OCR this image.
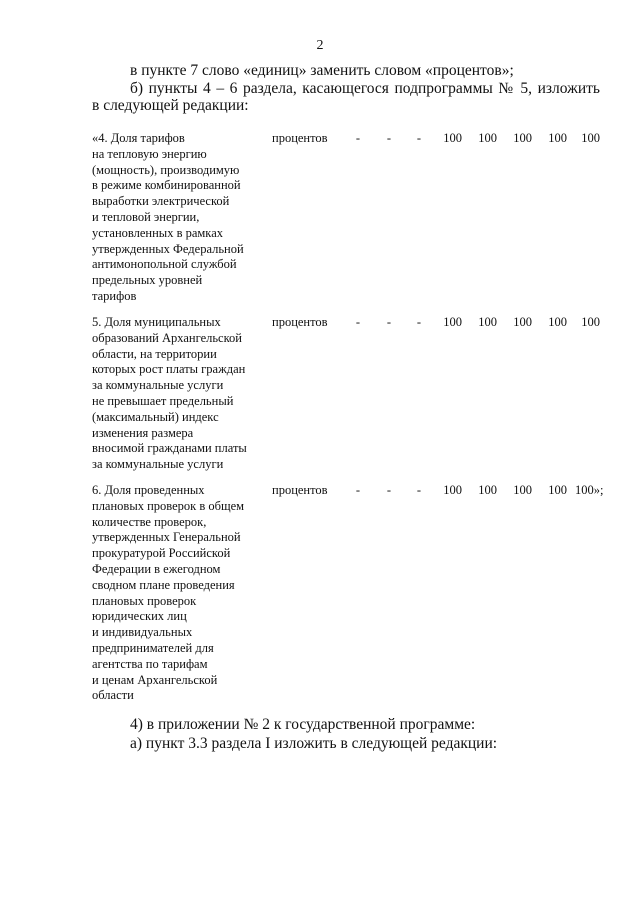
2
в пункте 7 слово «единиц» заменить словом «процентов»;
б) пункты 4 – 6 раздела, касающегося подпрограммы № 5, изложить
в следующей редакции:
«4. Доля тарифов
на тепловую энергию
(мощность), производимую
в режиме комбинированной
выработки электрической
и тепловой энергии,
установленных в рамках
утвержденных Федеральной
антимонопольной службой
предельных уровней
тарифов
процентов	-	-	-	100	100	100	100	100
5. Доля муниципальных
образований Архангельской
области, на территории
которых рост платы граждан
за коммунальные услуги
не превышает предельный
(максимальный) индекс
изменения размера
вносимой гражданами платы
за коммунальные услуги
процентов	-	-	-	100	100	100	100	100
6. Доля проведенных
плановых проверок в общем
количестве проверок,
утвержденных Генеральной
прокуратурой Российской
Федерации в ежегодном
сводном плане проведения
плановых проверок
юридических лиц
и индивидуальных
предпринимателей для
агентства по тарифам
и ценам Архангельской
области
процентов	-	-	-	100	100	100	100 100»;
4) в приложении № 2 к государственной программе:
а) пункт 3.3 раздела I изложить в следующей редакции:
